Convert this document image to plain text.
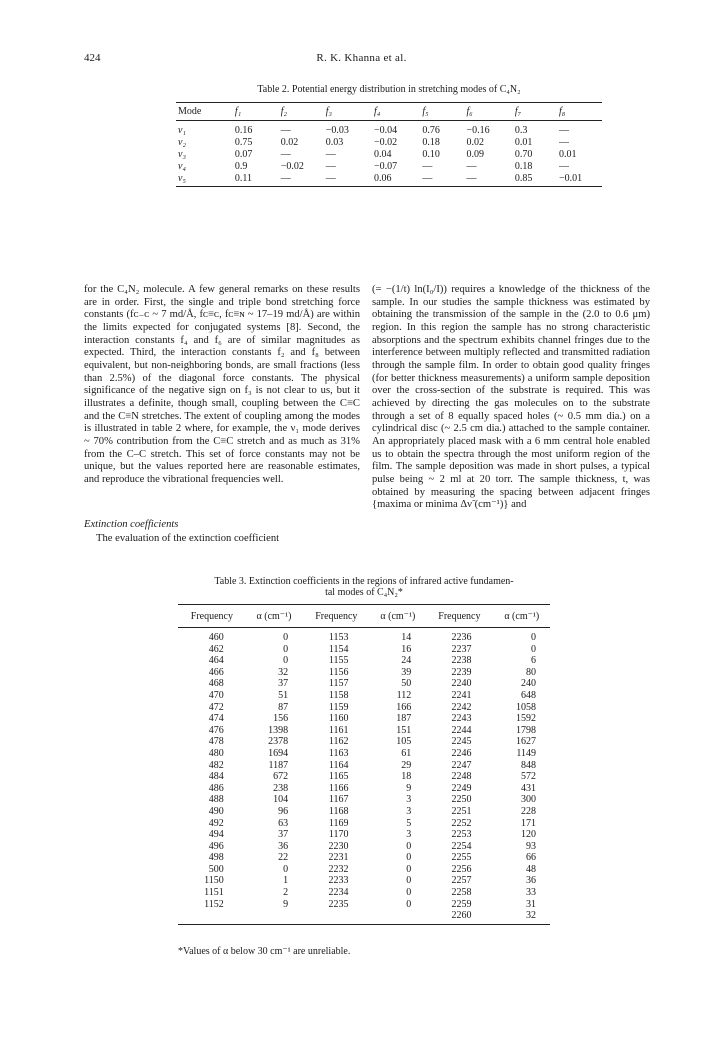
424	R. K. Khanna et al.
Table 2. Potential energy distribution in stretching modes of C₄N₂
Mode	f₁	f₂	f₃	f₄	f₅	f₆	f₇	f₈
ν₁	0.16	—	−0.03	−0.04	0.76	−0.16	0.3	—
ν₂	0.75	0.02	0.03	−0.02	0.18	0.02	0.01	—
ν₃	0.07	—	—	0.04	0.10	0.09	0.70	0.01
ν₄	0.9	−0.02	—	−0.07	—	—	0.18	—
ν₅	0.11	—	—	0.06	—	—	0.85	−0.01
for the C₄N₂ molecule. A few general remarks on these results are in order. First, the single and triple bond stretching force constants (fᴄ₋ᴄ ~ 7 md/Å, fᴄ≡ᴄ, fᴄ≡ɴ ~ 17–19 md/Å) are within the limits expected for conjugated systems [8]. Second, the interaction constants f₄ and f₆ are of similar magnitudes as expected. Third, the interaction constants f₂ and f₈ between equivalent, but non-neighboring bonds, are small fractions (less than 2.5%) of the diagonal force constants. The physical significance of the negative sign on f₃ is not clear to us, but it illustrates a definite, though small, coupling between the C≡C and the C≡N stretches. The extent of coupling among the modes is illustrated in table 2 where, for example, the ν₁ mode derives ~ 70% contribution from the C≡C stretch and as much as 31% from the C–C stretch. This set of force constants may not be unique, but the values reported here are reasonable estimates, and reproduce the vibrational frequencies well.
Extinction coefficients
The evaluation of the extinction coefficient
(= −(1/t) ln(I₀/I)) requires a knowledge of the thickness of the sample. In our studies the sample thickness was estimated by obtaining the transmission of the sample in the (2.0 to 0.6 μm) region. In this region the sample has no strong characteristic absorptions and the spectrum exhibits channel fringes due to the interference between multiply reflected and transmitted radiation through the sample film. In order to obtain good quality fringes (for better thickness measurements) a uniform sample deposition over the cross-section of the substrate is required. This was achieved by directing the gas molecules on to the substrate through a set of 8 equally spaced holes (~ 0.5 mm dia.) on a cylindrical disc (~ 2.5 cm dia.) attached to the sample container. An appropriately placed mask with a 6 mm central hole enabled us to obtain the spectra through the most uniform region of the film. The sample deposition was made in short pulses, a typical pulse being ~ 2 ml at 20 torr. The sample thickness, t, was obtained by measuring the spacing between adjacent fringes {maxima or minima Δν̃ (cm⁻¹)} and
Table 3. Extinction coefficients in the regions of infrared active fundamen-
tal modes of C₄N₂*
Frequency	α (cm⁻¹)	Frequency	α (cm⁻¹)	Frequency	α (cm⁻¹)
460	0	1153	14	2236	0
462	0	1154	16	2237	0
464	0	1155	24	2238	6
466	32	1156	39	2239	80
468	37	1157	50	2240	240
470	51	1158	112	2241	648
472	87	1159	166	2242	1058
474	156	1160	187	2243	1592
476	1398	1161	151	2244	1798
478	2378	1162	105	2245	1627
480	1694	1163	61	2246	1149
482	1187	1164	29	2247	848
484	672	1165	18	2248	572
486	238	1166	9	2249	431
488	104	1167	3	2250	300
490	96	1168	3	2251	228
492	63	1169	5	2252	171
494	37	1170	3	2253	120
496	36	2230	0	2254	93
498	22	2231	0	2255	66
500	0	2232	0	2256	48
1150	1	2233	0	2257	36
1151	2	2234	0	2258	33
1152	9	2235	0	2259	31
				2260	32
*Values of α below 30 cm⁻¹ are unreliable.
